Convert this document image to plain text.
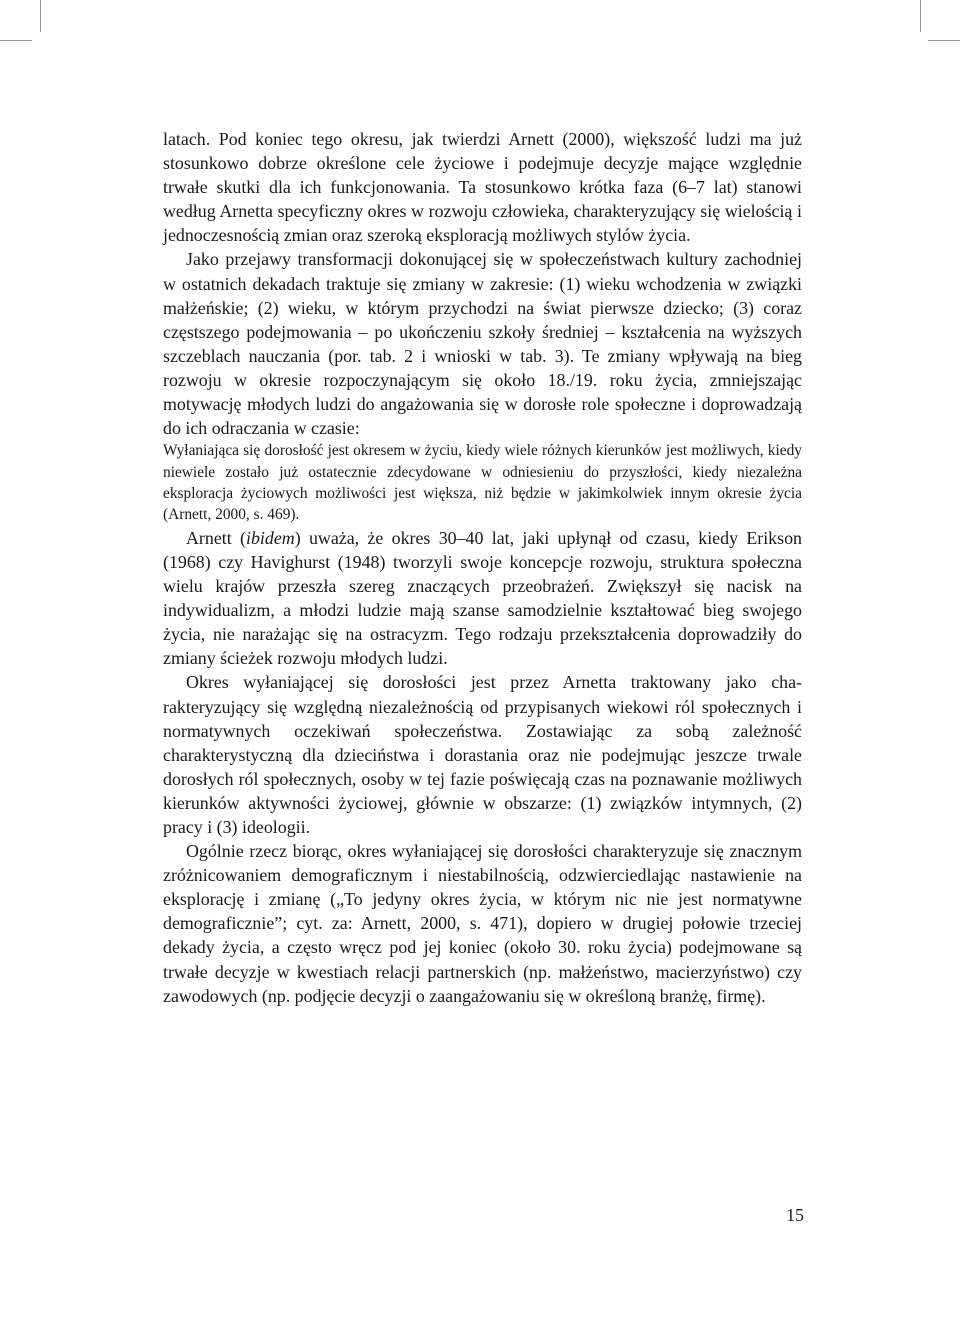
latach. Pod koniec tego okresu, jak twierdzi Arnett (2000), większość ludzi ma już stosunkowo dobrze określone cele życiowe i podejmuje decyzje mające względnie trwałe skutki dla ich funkcjonowania. Ta stosunkowo krótka faza (6–7 lat) stanowi według Arnetta specyficzny okres w rozwoju człowieka, charakteryzujący się wielością i jednoczesnością zmian oraz szeroką eksploracją możliwych stylów życia.

Jako przejawy transformacji dokonującej się w społeczeństwach kultury zachodniej w ostatnich dekadach traktuje się zmiany w zakresie: (1) wieku wchodzenia w związki małżeńskie; (2) wieku, w którym przychodzi na świat pierwsze dziecko; (3) coraz częstszego podejmowania – po ukończeniu szkoły średniej – kształcenia na wyższych szczeblach nauczania (por. tab. 2 i wnioski w tab. 3). Te zmiany wpływają na bieg rozwoju w okresie rozpoczynającym się około 18./19. roku życia, zmniejszając motywację młodych ludzi do angażowania się w dorosłe role społeczne i doprowadzają do ich odraczania w czasie:

Wyłaniająca się dorosłość jest okresem w życiu, kiedy wiele różnych kierunków jest możliwych, kiedy niewiele zostało już ostatecznie zdecydowane w odniesieniu do przyszłości, kiedy niezależna eksploracja życiowych możliwości jest większa, niż będzie w jakimkolwiek innym okresie życia (Arnett, 2000, s. 469).

Arnett (ibidem) uważa, że okres 30–40 lat, jaki upłynął od czasu, kiedy Erikson (1968) czy Havighurst (1948) tworzyli swoje koncepcje rozwoju, struktura społeczna wielu krajów przeszła szereg znaczących przeobrażeń. Zwiększył się nacisk na indywidualizm, a młodzi ludzie mają szanse samodzielnie kształtować bieg swojego życia, nie narażając się na ostracyzm. Tego rodzaju przekształcenia doprowadziły do zmiany ścieżek rozwoju młodych ludzi.

Okres wyłaniającej się dorosłości jest przez Arnetta traktowany jako charakteryzujący się względną niezależnością od przypisanych wiekowi ról społecznych i normatywnych oczekiwań społeczeństwa. Zostawiając za sobą zależność charakterystyczną dla dzieciństwa i dorastania oraz nie podejmując jeszcze trwale dorosłych ról społecznych, osoby w tej fazie poświęcają czas na poznawanie możliwych kierunków aktywności życiowej, głównie w obszarze: (1) związków intymnych, (2) pracy i (3) ideologii.

Ogólnie rzecz biorąc, okres wyłaniającej się dorosłości charakteryzuje się znacznym zróżnicowaniem demograficznym i niestabilnością, odzwierciedlając nastawienie na eksplorację i zmianę („To jedyny okres życia, w którym nic nie jest normatywne demograficznie”; cyt. za: Arnett, 2000, s. 471), dopiero w drugiej połowie trzeciej dekady życia, a często wręcz pod jej koniec (około 30. roku życia) podejmowane są trwałe decyzje w kwestiach relacji partnerskich (np. małżeństwo, macierzyństwo) czy zawodowych (np. podjęcie decyzji o zaangażowaniu się w określoną branżę, firmę).

15
